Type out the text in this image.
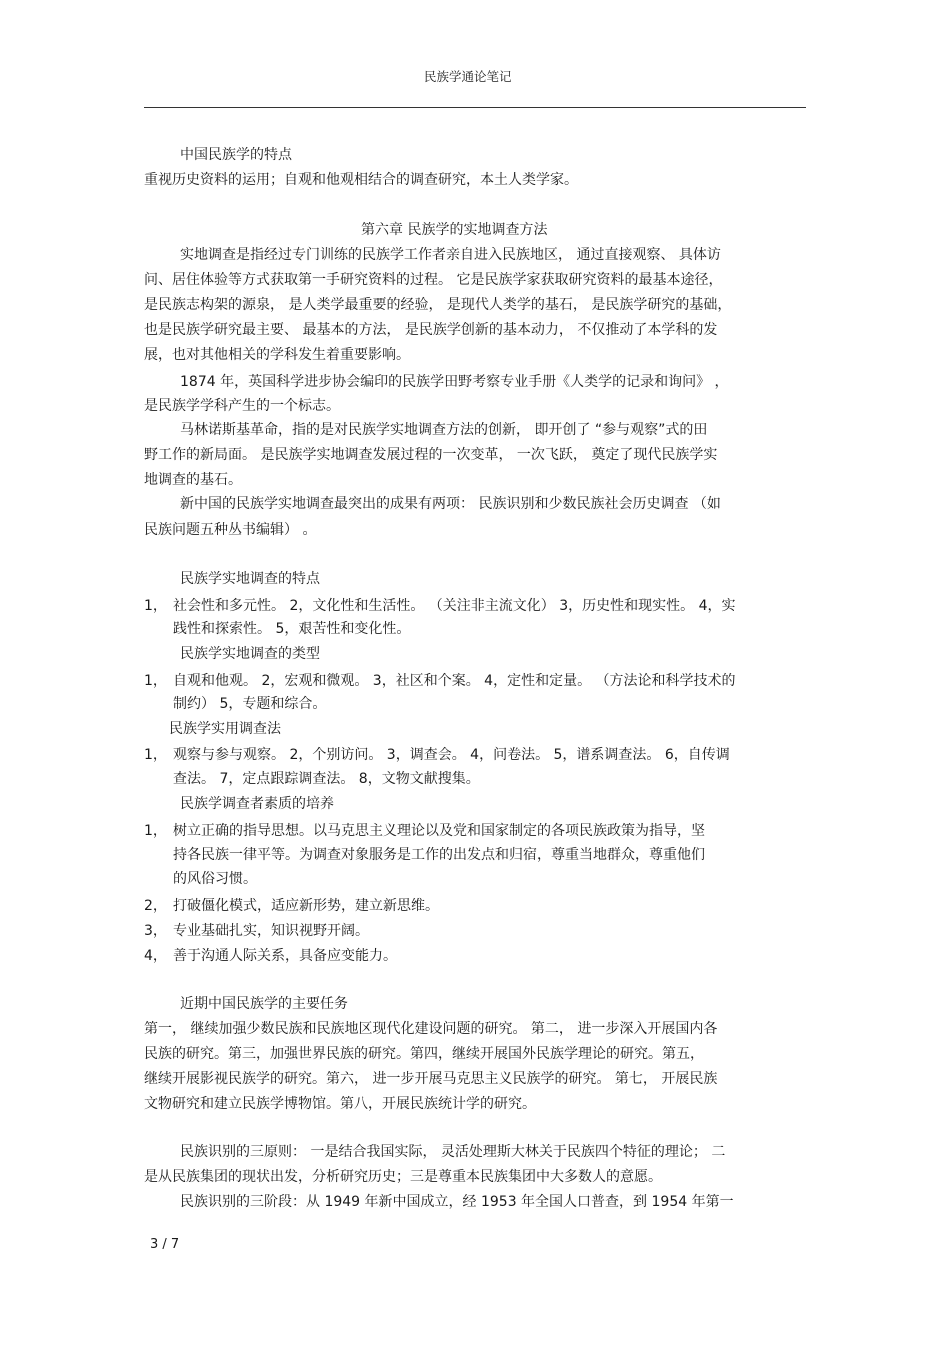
民族学通论笔记
中国民族学的特点
重视历史资料的运用；自观和他观相结合的调查研究，本土人类学家。
第六章 民族学的实地调查方法
实地调查是指经过专门训练的民族学工作者亲自进入民族地区， 通过直接观察、 具体访
问、居住体验等方式获取第一手研究资料的过程。 它是民族学家获取研究资料的最基本途径，
是民族志构架的源泉， 是人类学最重要的经验， 是现代人类学的基石， 是民族学研究的基础，
也是民族学研究最主要、 最基本的方法， 是民族学创新的基本动力， 不仅推动了本学科的发
展，也对其他相关的学科发生着重要影响。
1874 年，英国科学进步协会编印的民族学田野考察专业手册《人类学的记录和询问》 ，
是民族学学科产生的一个标志。
马林诺斯基革命，指的是对民族学实地调查方法的创新， 即开创了 “参与观察”式的田
野工作的新局面。 是民族学实地调查发展过程的一次变革， 一次飞跃， 奠定了现代民族学实
地调查的基石。
新中国的民族学实地调查最突出的成果有两项： 民族识别和少数民族社会历史调查 （如
民族问题五种丛书编辑） 。
民族学实地调查的特点
1， 社会性和多元性。 2，文化性和生活性。 （关注非主流文化） 3，历史性和现实性。 4，实
践性和探索性。 5，艰苦性和变化性。
民族学实地调查的类型
1， 自观和他观。 2，宏观和微观。 3，社区和个案。 4，定性和定量。 （方法论和科学技术的
制约） 5，专题和综合。
民族学实用调查法
1， 观察与参与观察。 2，个别访问。 3，调查会。 4，问卷法。 5，谱系调查法。 6，自传调
查法。 7，定点跟踪调查法。 8，文物文献搜集。
民族学调查者素质的培养
1， 树立正确的指导思想。以马克思主义理论以及党和国家制定的各项民族政策为指导，坚
持各民族一律平等。为调查对象服务是工作的出发点和归宿，尊重当地群众，尊重他们
的风俗习惯。
2， 打破僵化模式，适应新形势，建立新思维。
3， 专业基础扎实，知识视野开阔。
4， 善于沟通人际关系，具备应变能力。
近期中国民族学的主要任务
第一， 继续加强少数民族和民族地区现代化建设问题的研究。 第二， 进一步深入开展国内各
民族的研究。第三，加强世界民族的研究。第四，继续开展国外民族学理论的研究。第五，
继续开展影视民族学的研究。第六， 进一步开展马克思主义民族学的研究。 第七， 开展民族
文物研究和建立民族学博物馆。第八，开展民族统计学的研究。
民族识别的三原则： 一是结合我国实际， 灵活处理斯大林关于民族四个特征的理论； 二
是从民族集团的现状出发，分析研究历史；三是尊重本民族集团中大多数人的意愿。
民族识别的三阶段：从 1949 年新中国成立，经 1953 年全国人口普查，到 1954 年第一
3 / 7
